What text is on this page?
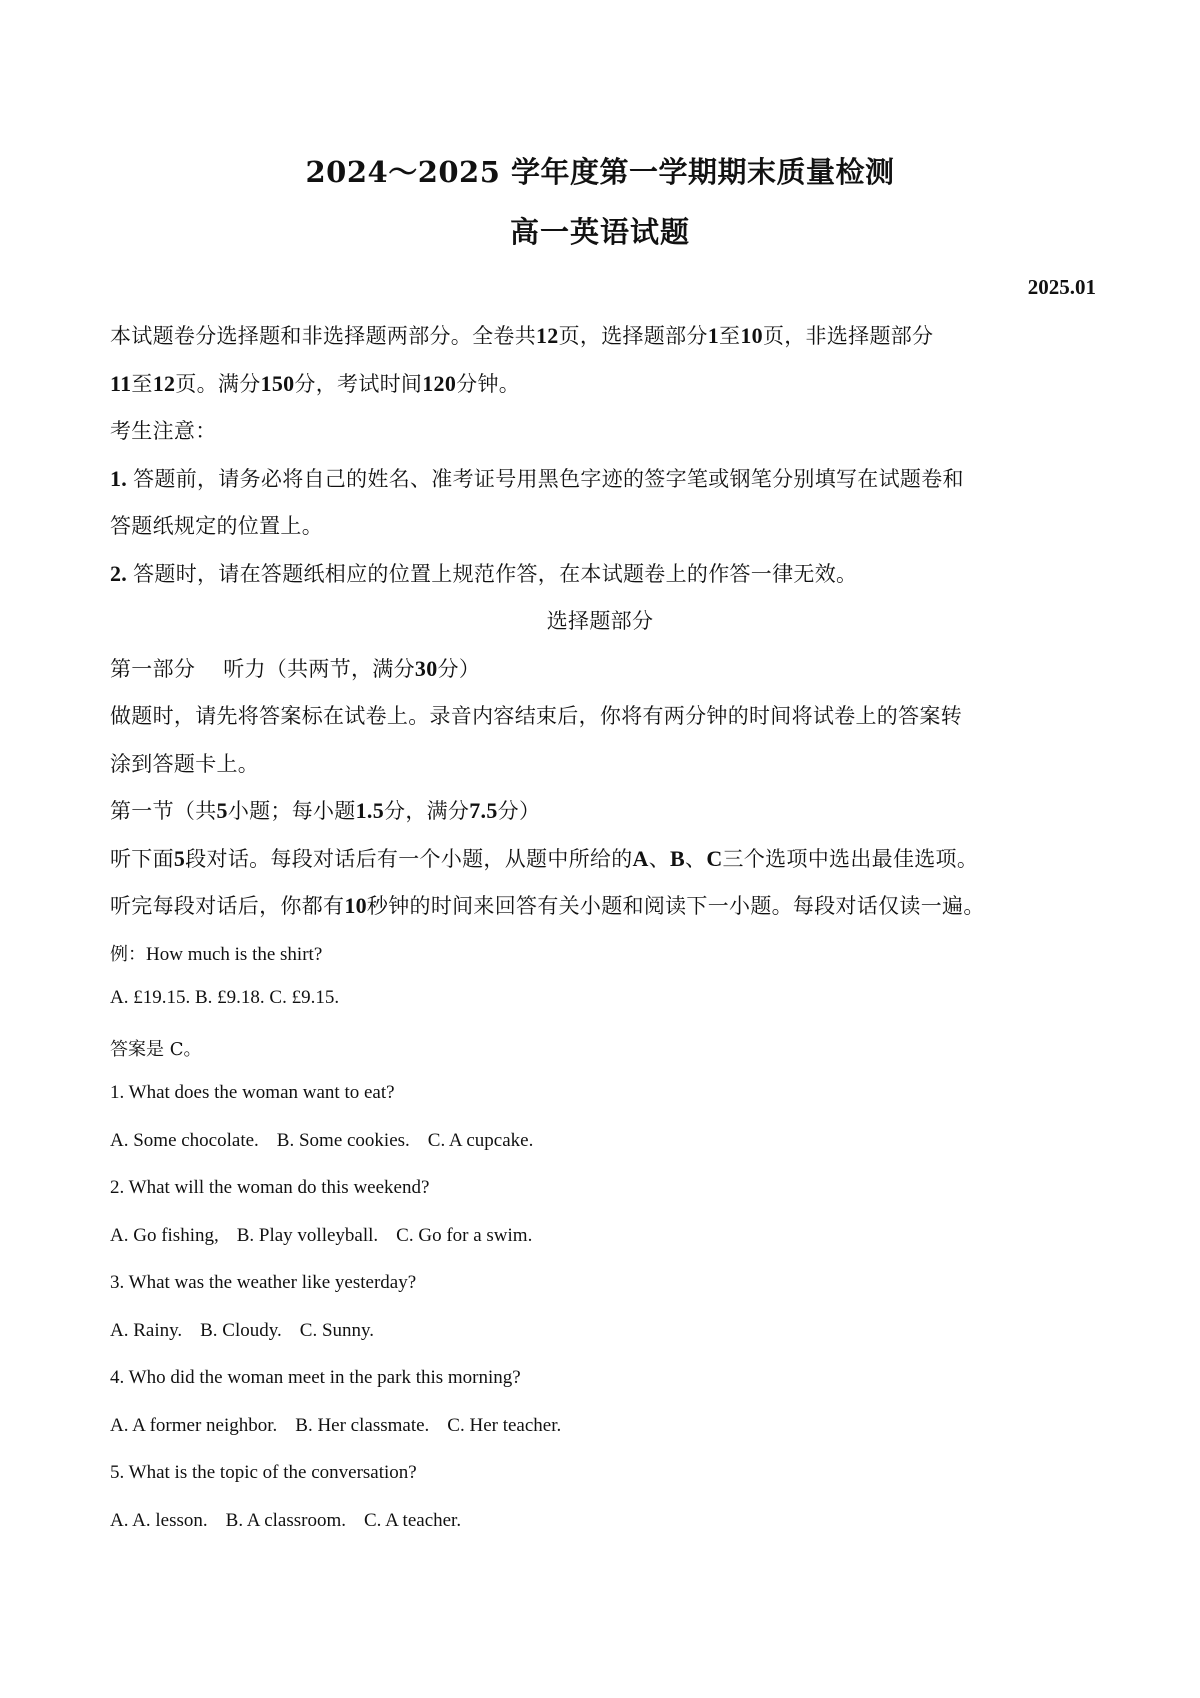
2024～2025 学年度第一学期期末质量检测
高一英语试题
2025.01

本试题卷分选择题和非选择题两部分。全卷共12页，选择题部分1至10页，非选择题部分

11至12页。满分150分，考试时间120分钟。

考生注意：

1. 答题前，请务必将自己的姓名、准考证号用黑色字迹的签字笔或钢笔分别填写在试题卷和

答题纸规定的位置上。

2. 答题时，请在答题纸相应的位置上规范作答，在本试题卷上的作答一律无效。

选择题部分

第一部分 听力（共两节，满分30分）

做题时，请先将答案标在试卷上。录音内容结束后，你将有两分钟的时间将试卷上的答案转

涂到答题卡上。

第一节（共5小题；每小题1.5分，满分7.5分）

听下面5段对话。每段对话后有一个小题，从题中所给的A、B、C三个选项中选出最佳选项。

听完每段对话后，你都有10秒钟的时间来回答有关小题和阅读下一小题。每段对话仅读一遍。

例：How much is the shirt?

A. £19.15. B. £9.18. C. £9.15.

答案是 C。

1. What does the woman want to eat?

A. Some chocolate. B. Some cookies. C. A cupcake.

2. What will the woman do this weekend?

A. Go fishing, B. Play volleyball. C. Go for a swim.

3. What was the weather like yesterday?

A. Rainy. B. Cloudy. C. Sunny.

4. Who did the woman meet in the park this morning?

A. A former neighbor. B. Her classmate. C. Her teacher.

5. What is the topic of the conversation?

A. A. lesson. B. A classroom. C. A teacher.
